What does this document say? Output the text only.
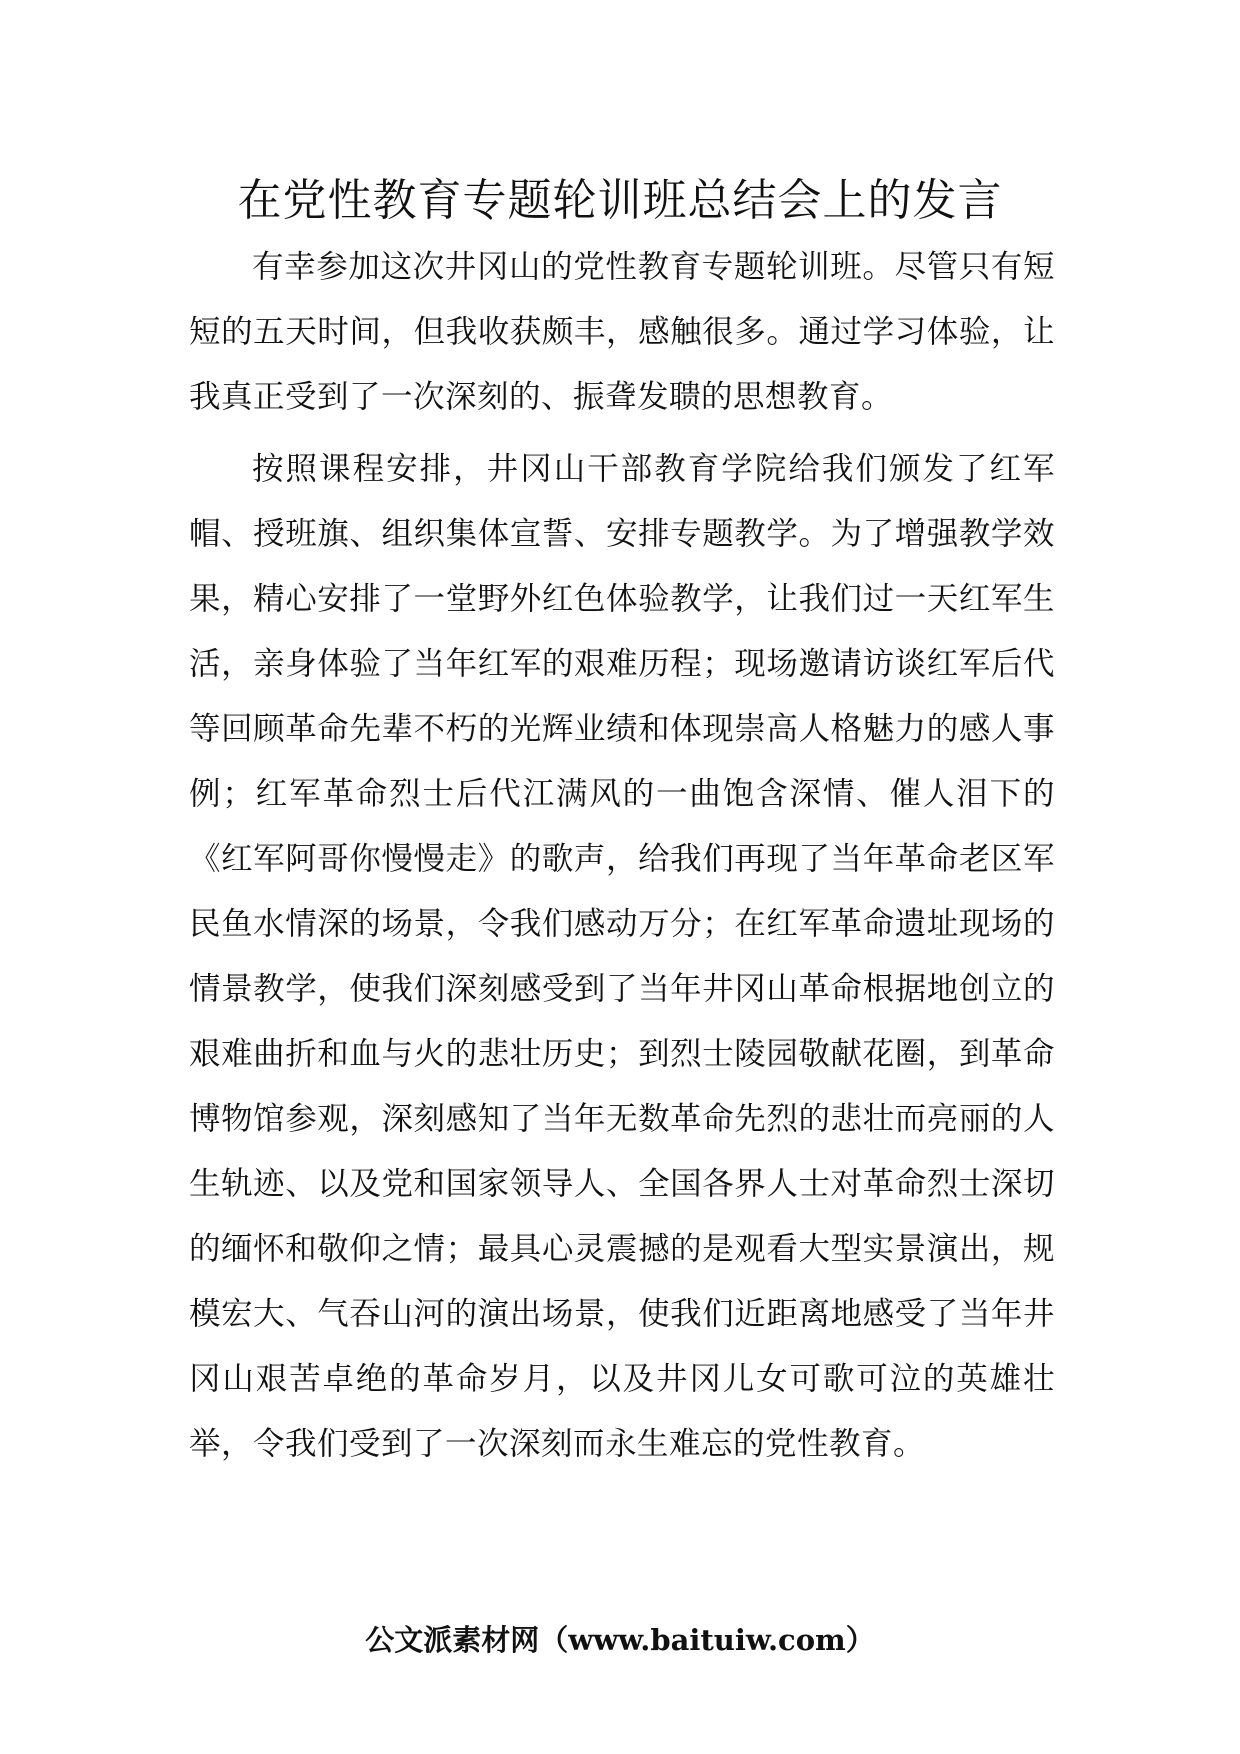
在党性教育专题轮训班总结会上的发言

有幸参加这次井冈山的党性教育专题轮训班。尽管只有短短的五天时间，但我收获颇丰，感触很多。通过学习体验，让我真正受到了一次深刻的、振聋发聩的思想教育。

按照课程安排，井冈山干部教育学院给我们颁发了红军帽、授班旗、组织集体宣誓、安排专题教学。为了增强教学效果，精心安排了一堂野外红色体验教学，让我们过一天红军生活，亲身体验了当年红军的艰难历程；现场邀请访谈红军后代等回顾革命先辈不朽的光辉业绩和体现崇高人格魅力的感人事例；红军革命烈士后代江满风的一曲饱含深情、催人泪下的《红军阿哥你慢慢走》的歌声，给我们再现了当年革命老区军民鱼水情深的场景，令我们感动万分；在红军革命遗址现场的情景教学，使我们深刻感受到了当年井冈山革命根据地创立的艰难曲折和血与火的悲壮历史；到烈士陵园敬献花圈，到革命博物馆参观，深刻感知了当年无数革命先烈的悲壮而亮丽的人生轨迹、以及党和国家领导人、全国各界人士对革命烈士深切的缅怀和敬仰之情；最具心灵震撼的是观看大型实景演出，规模宏大、气吞山河的演出场景，使我们近距离地感受了当年井冈山艰苦卓绝的革命岁月，以及井冈儿女可歌可泣的英雄壮举，令我们受到了一次深刻而永生难忘的党性教育。

公文派素材网（www.baituiw.com）
